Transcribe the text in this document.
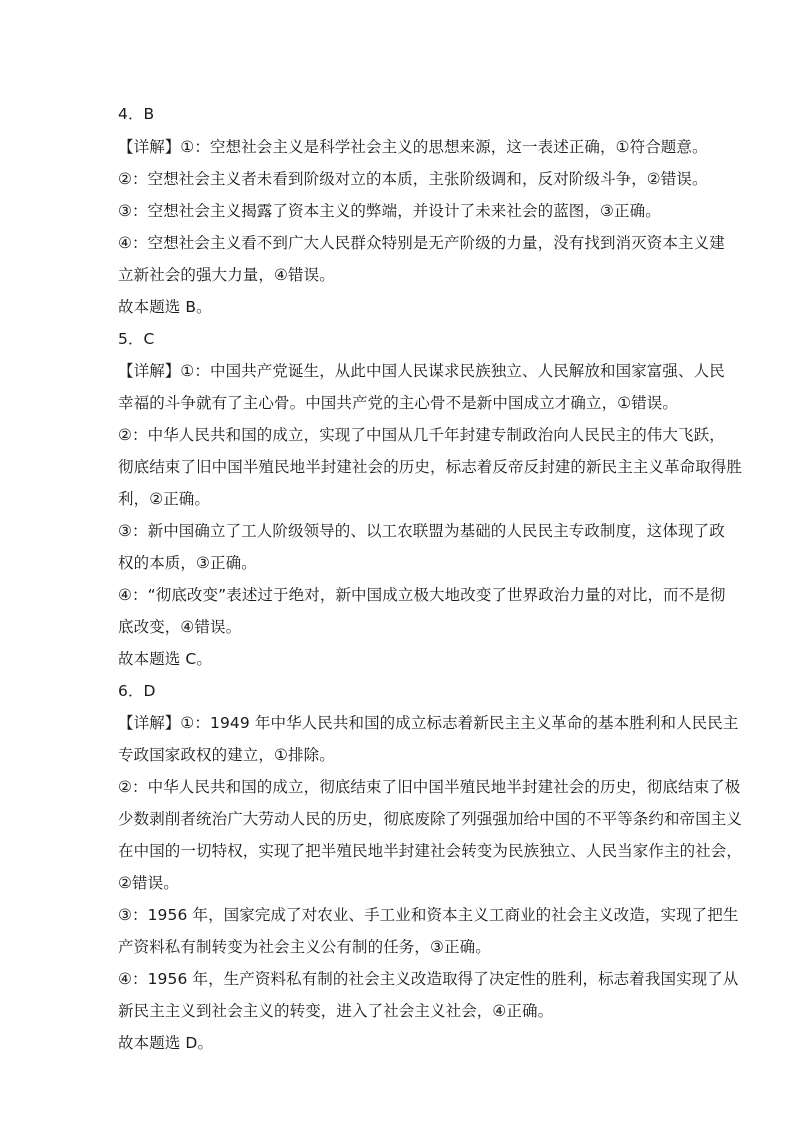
4．B
【详解】①：空想社会主义是科学社会主义的思想来源，这一表述正确，①符合题意。
②：空想社会主义者未看到阶级对立的本质，主张阶级调和，反对阶级斗争，②错误。
③：空想社会主义揭露了资本主义的弊端，并设计了未来社会的蓝图，③正确。
④：空想社会主义看不到广大人民群众特别是无产阶级的力量，没有找到消灭资本主义建
立新社会的强大力量，④错误。
故本题选 B。
5．C
【详解】①：中国共产党诞生，从此中国人民谋求民族独立、人民解放和国家富强、人民
幸福的斗争就有了主心骨。中国共产党的主心骨不是新中国成立才确立，①错误。
②：中华人民共和国的成立，实现了中国从几千年封建专制政治向人民民主的伟大飞跃，
彻底结束了旧中国半殖民地半封建社会的历史，标志着反帝反封建的新民主主义革命取得胜
利，②正确。
③：新中国确立了工人阶级领导的、以工农联盟为基础的人民民主专政制度，这体现了政
权的本质，③正确。
④：“彻底改变”表述过于绝对，新中国成立极大地改变了世界政治力量的对比，而不是彻
底改变，④错误。
故本题选 C。
6．D
【详解】①：1949 年中华人民共和国的成立标志着新民主主义革命的基本胜利和人民民主
专政国家政权的建立，①排除。
②：中华人民共和国的成立，彻底结束了旧中国半殖民地半封建社会的历史，彻底结束了极
少数剥削者统治广大劳动人民的历史，彻底废除了列强强加给中国的不平等条约和帝国主义
在中国的一切特权，实现了把半殖民地半封建社会转变为民族独立、人民当家作主的社会，
②错误。
③：1956 年，国家完成了对农业、手工业和资本主义工商业的社会主义改造，实现了把生
产资料私有制转变为社会主义公有制的任务，③正确。
④：1956 年，生产资料私有制的社会主义改造取得了决定性的胜利，标志着我国实现了从
新民主主义到社会主义的转变，进入了社会主义社会，④正确。
故本题选 D。
